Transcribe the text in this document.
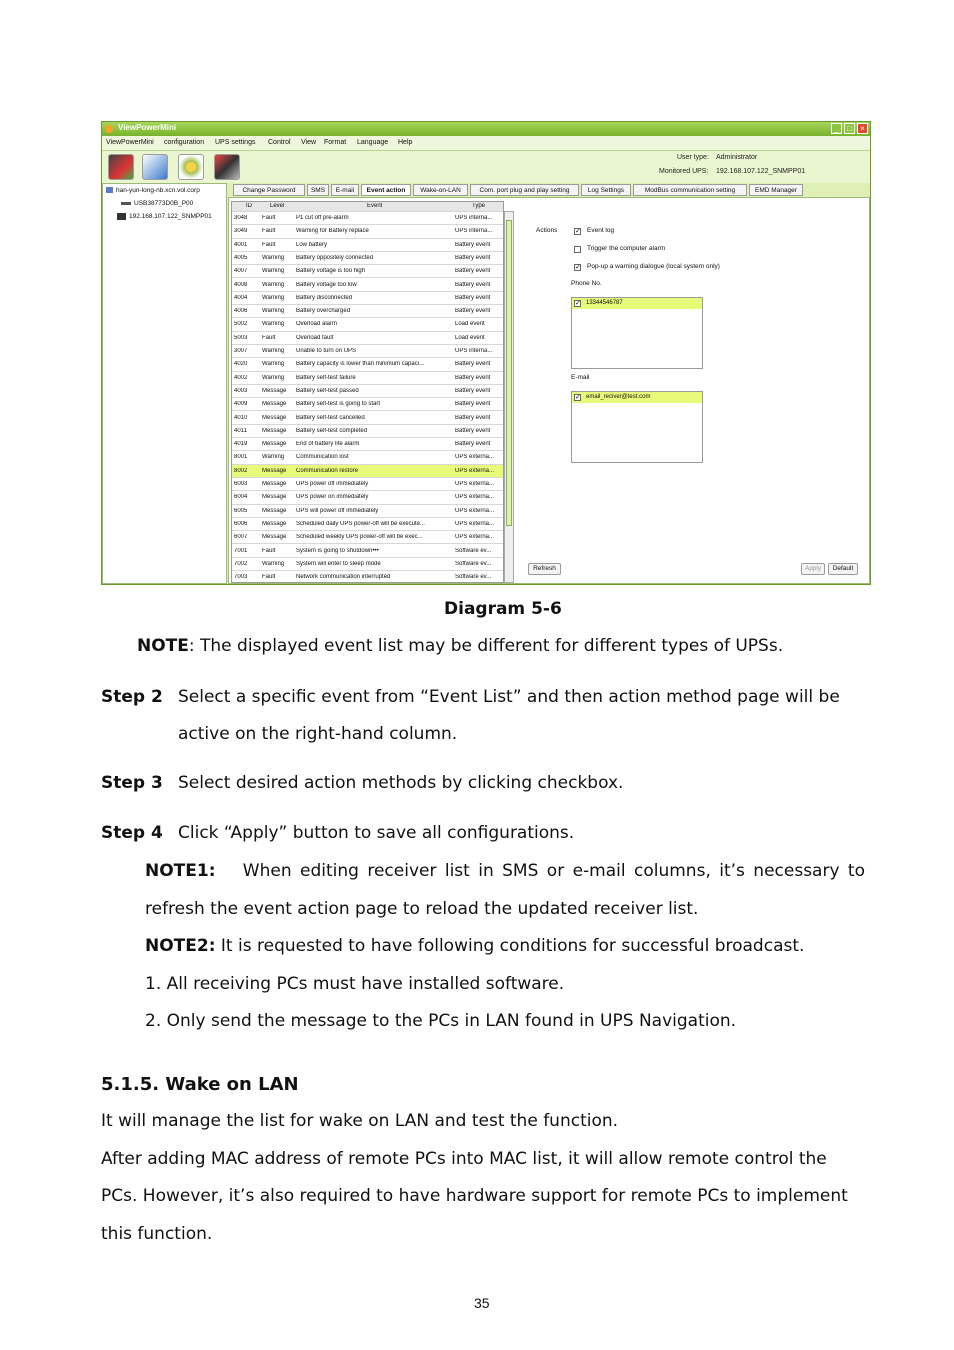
ViewPowerMini	_	□	×
ViewPowerMini configuration UPS settings Control View Format Language Help
User type: Administrator
Monitored UPS: 192.168.107.122_SNMPP01
han-yun-long-nb.xcn.vol.corp
USB38773D0B_P00
192.168.107.122_SNMPP01
Change Password	SMS	E-mail	Event action	Wake-on-LAN	Com. port plug and play setting	Log Settings	ModBus communication setting	EMD Manager
ID	Level	Event	Type
3048	Fault	P1 cut off pre-alarm	UPS interna...
3049	Fault	Warning for Battery replace	UPS interna...
4001	Fault	Low battery	Battery event
4005	Warning	Battery oppositely connected	Battery event
4007	Warning	Battery voltage is too high	Battery event
4008	Warning	Battery voltage too low	Battery event
4004	Warning	Battery disconnected	Battery event
4006	Warning	Battery overcharged	Battery event
5002	Warning	Overload alarm	Load event
5003	Fault	Overload fault	Load event
3007	Warning	Unable to turn on UPS	UPS interna...
4020	Warning	Battery capacity is lower than minimum capaci...	Battery event
4002	Warning	Battery self-test failure	Battery event
4003	Message	Battery self-test passed	Battery event
4009	Message	Battery self-test is going to start	Battery event
4010	Message	Battery self-test cancelled	Battery event
4011	Message	Battery self-test completed	Battery event
4019	Message	End of battery life alarm	Battery event
8001	Warning	Communication lost	UPS externa...
8002	Message	Communication restore	UPS externa...
6003	Message	UPS power off immediately	UPS externa...
6004	Message	UPS power on immediately	UPS externa...
6005	Message	UPS will power off immediately	UPS externa...
6006	Message	Scheduled daily UPS power-off will be execute...	UPS externa...
6007	Message	Scheduled weekly UPS power-off will be exec...	UPS externa...
7001	Fault	System is going to shutdown•••	Software ev...
7002	Warning	System will enter to sleep mode	Software ev...
7003	Fault	Network communication interrupted	Software ev...
Actions	✓ Event log
Trigger the computer alarm
✓ Pop-up a warning dialogue (local system only)
Phone No.
✓ 13344546787
E-mail
✓ email_reciver@test.com
Refresh	Apply	Default
Diagram 5-6
NOTE: The displayed event list may be different for different types of UPSs.
Step 2 Select a specific event from “Event List” and then action method page will be
active on the right-hand column.
Step 3 Select desired action methods by clicking checkbox.
Step 4 Click “Apply” button to save all configurations.
NOTE1: When editing receiver list in SMS or e-mail columns, it’s necessary to
refresh the event action page to reload the updated receiver list.
NOTE2: It is requested to have following conditions for successful broadcast.
1. All receiving PCs must have installed software.
2. Only send the message to the PCs in LAN found in UPS Navigation.
5.1.5. Wake on LAN
It will manage the list for wake on LAN and test the function.
After adding MAC address of remote PCs into MAC list, it will allow remote control the
PCs. However, it’s also required to have hardware support for remote PCs to implement
this function.
35
